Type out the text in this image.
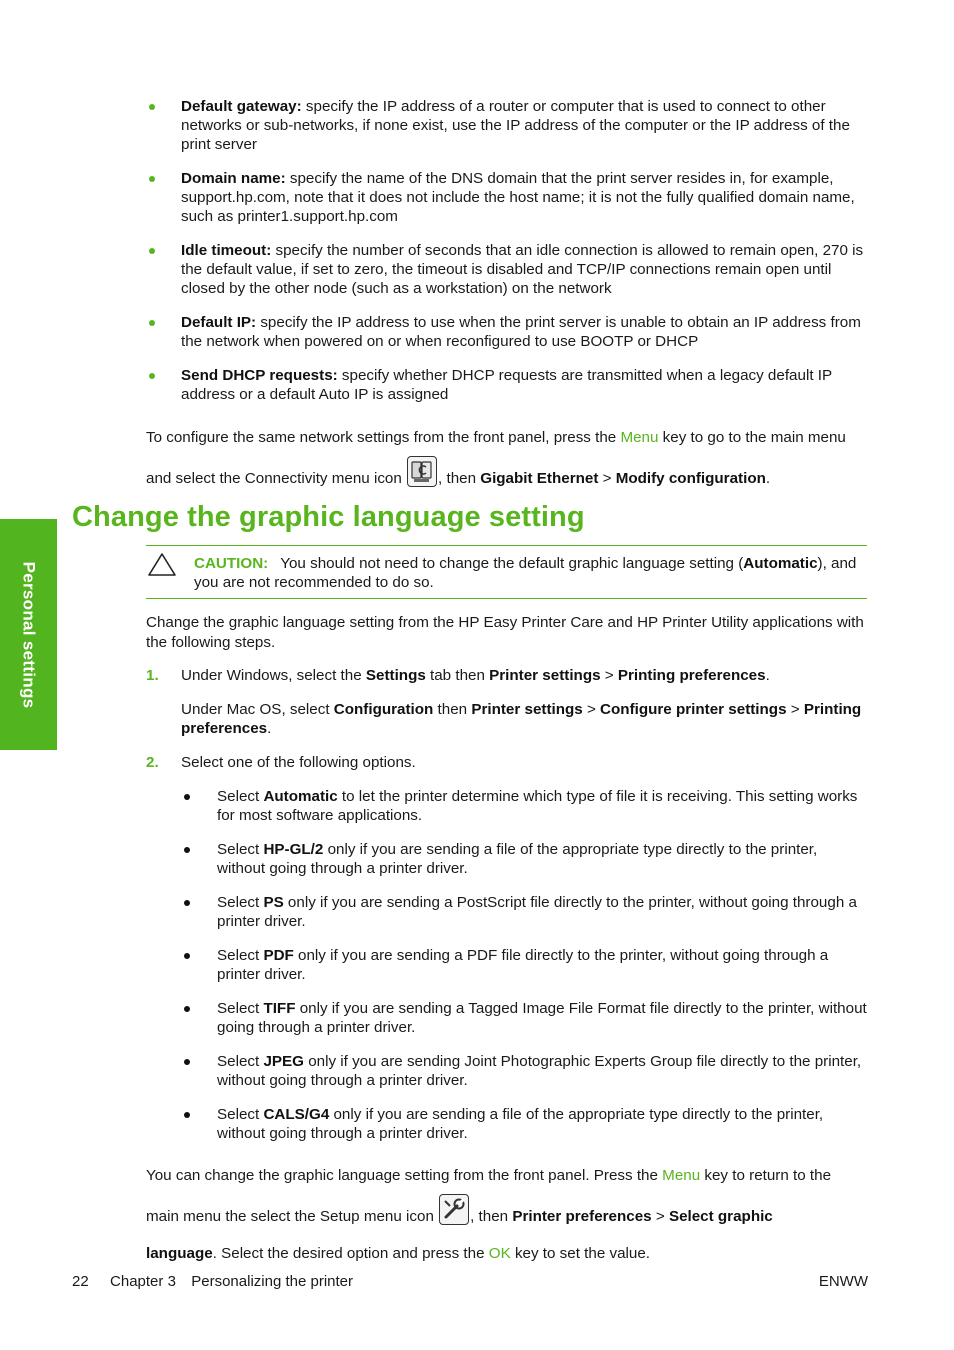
Personal settings
Default gateway: specify the IP address of a router or computer that is used to connect to other networks or sub-networks, if none exist, use the IP address of the computer or the IP address of the print server
Domain name: specify the name of the DNS domain that the print server resides in, for example, support.hp.com, note that it does not include the host name; it is not the fully qualified domain name, such as printer1.support.hp.com
Idle timeout: specify the number of seconds that an idle connection is allowed to remain open, 270 is the default value, if set to zero, the timeout is disabled and TCP/IP connections remain open until closed by the other node (such as a workstation) on the network
Default IP: specify the IP address to use when the print server is unable to obtain an IP address from the network when powered on or when reconfigured to use BOOTP or DHCP
Send DHCP requests: specify whether DHCP requests are transmitted when a legacy default IP address or a default Auto IP is assigned
To configure the same network settings from the front panel, press the Menu key to go to the main menu and select the Connectivity menu icon
, then Gigabit Ethernet > Modify configuration.
Change the graphic language setting
CAUTION: You should not need to change the default graphic language setting (Automatic), and you are not recommended to do so.
Change the graphic language setting from the HP Easy Printer Care and HP Printer Utility applications with the following steps.
1. Under Windows, select the Settings tab then Printer settings > Printing preferences.
Under Mac OS, select Configuration then Printer settings > Configure printer settings > Printing preferences.
2. Select one of the following options.
Select Automatic to let the printer determine which type of file it is receiving. This setting works for most software applications.
Select HP-GL/2 only if you are sending a file of the appropriate type directly to the printer, without going through a printer driver.
Select PS only if you are sending a PostScript file directly to the printer, without going through a printer driver.
Select PDF only if you are sending a PDF file directly to the printer, without going through a printer driver.
Select TIFF only if you are sending a Tagged Image File Format file directly to the printer, without going through a printer driver.
Select JPEG only if you are sending Joint Photographic Experts Group file directly to the printer, without going through a printer driver.
Select CALS/G4 only if you are sending a file of the appropriate type directly to the printer, without going through a printer driver.
You can change the graphic language setting from the front panel. Press the Menu key to return to the main menu the select the Setup menu icon
, then Printer preferences > Select graphic language. Select the desired option and press the OK key to set the value.
22 Chapter 3 Personalizing the printer	ENWW
